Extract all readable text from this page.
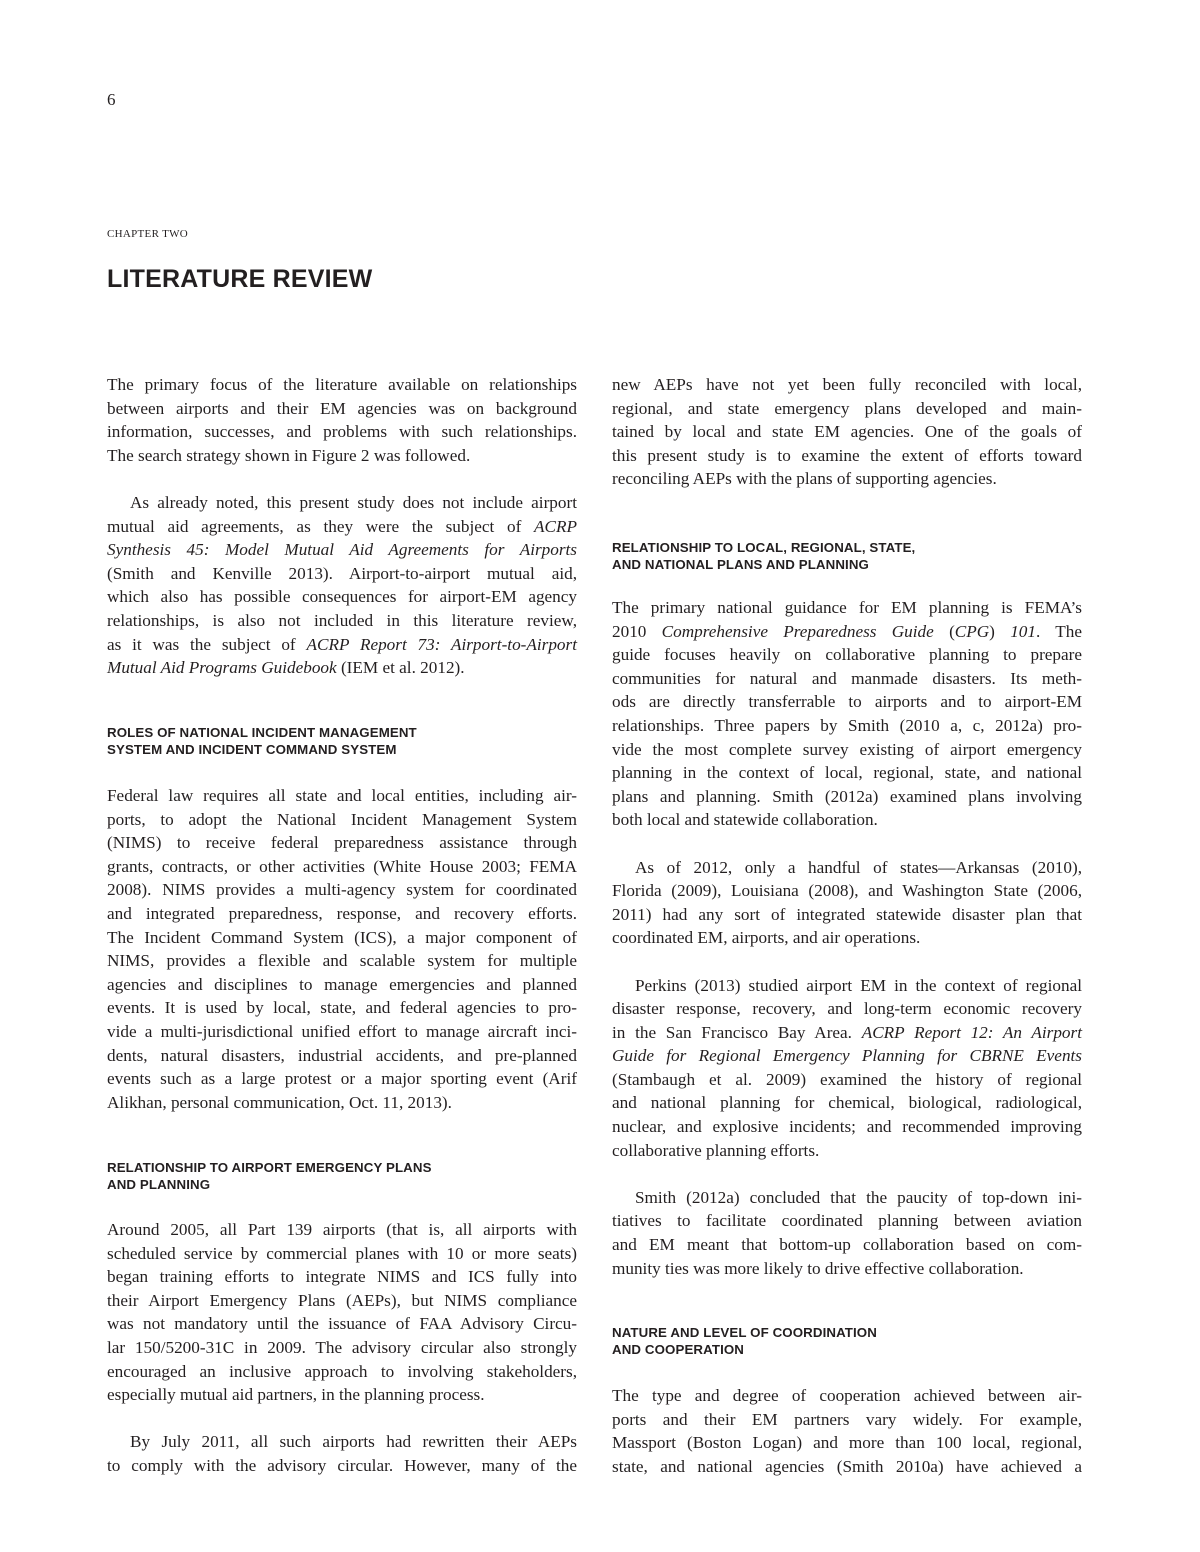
6
CHAPTER TWO
LITERATURE REVIEW

The primary focus of the literature available on relationships
between airports and their EM agencies was on background
information, successes, and problems with such relationships.
The search strategy shown in Figure 2 was followed.

As already noted, this present study does not include airport
mutual aid agreements, as they were the subject of ACRP
Synthesis 45: Model Mutual Aid Agreements for Airports
(Smith and Kenville 2013). Airport-to-airport mutual aid,
which also has possible consequences for airport-EM agency
relationships, is also not included in this literature review,
as it was the subject of ACRP Report 73: Airport-to-Airport
Mutual Aid Programs Guidebook (IEM et al. 2012).

ROLES OF NATIONAL INCIDENT MANAGEMENT
SYSTEM AND INCIDENT COMMAND SYSTEM

Federal law requires all state and local entities, including air-
ports, to adopt the National Incident Management System
(NIMS) to receive federal preparedness assistance through
grants, contracts, or other activities (White House 2003; FEMA
2008). NIMS provides a multi-agency system for coordinated
and integrated preparedness, response, and recovery efforts.
The Incident Command System (ICS), a major component of
NIMS, provides a flexible and scalable system for multiple
agencies and disciplines to manage emergencies and planned
events. It is used by local, state, and federal agencies to pro-
vide a multi-jurisdictional unified effort to manage aircraft inci-
dents, natural disasters, industrial accidents, and pre-planned
events such as a large protest or a major sporting event (Arif
Alikhan, personal communication, Oct. 11, 2013).

RELATIONSHIP TO AIRPORT EMERGENCY PLANS
AND PLANNING

Around 2005, all Part 139 airports (that is, all airports with
scheduled service by commercial planes with 10 or more seats)
began training efforts to integrate NIMS and ICS fully into
their Airport Emergency Plans (AEPs), but NIMS compliance
was not mandatory until the issuance of FAA Advisory Circu-
lar 150/5200-31C in 2009. The advisory circular also strongly
encouraged an inclusive approach to involving stakeholders,
especially mutual aid partners, in the planning process.

By July 2011, all such airports had rewritten their AEPs
to comply with the advisory circular. However, many of the

new AEPs have not yet been fully reconciled with local,
regional, and state emergency plans developed and main-
tained by local and state EM agencies. One of the goals of
this present study is to examine the extent of efforts toward
reconciling AEPs with the plans of supporting agencies.

RELATIONSHIP TO LOCAL, REGIONAL, STATE,
AND NATIONAL PLANS AND PLANNING

The primary national guidance for EM planning is FEMA’s
2010 Comprehensive Preparedness Guide (CPG) 101. The
guide focuses heavily on collaborative planning to prepare
communities for natural and manmade disasters. Its meth-
ods are directly transferrable to airports and to airport-EM
relationships. Three papers by Smith (2010 a, c, 2012a) pro-
vide the most complete survey existing of airport emergency
planning in the context of local, regional, state, and national
plans and planning. Smith (2012a) examined plans involving
both local and statewide collaboration.

As of 2012, only a handful of states—Arkansas (2010),
Florida (2009), Louisiana (2008), and Washington State (2006,
2011) had any sort of integrated statewide disaster plan that
coordinated EM, airports, and air operations.

Perkins (2013) studied airport EM in the context of regional
disaster response, recovery, and long-term economic recovery
in the San Francisco Bay Area. ACRP Report 12: An Airport
Guide for Regional Emergency Planning for CBRNE Events
(Stambaugh et al. 2009) examined the history of regional
and national planning for chemical, biological, radiological,
nuclear, and explosive incidents; and recommended improving
collaborative planning efforts.

Smith (2012a) concluded that the paucity of top-down ini-
tiatives to facilitate coordinated planning between aviation
and EM meant that bottom-up collaboration based on com-
munity ties was more likely to drive effective collaboration.

NATURE AND LEVEL OF COORDINATION
AND COOPERATION

The type and degree of cooperation achieved between air-
ports and their EM partners vary widely. For example,
Massport (Boston Logan) and more than 100 local, regional,
state, and national agencies (Smith 2010a) have achieved a
